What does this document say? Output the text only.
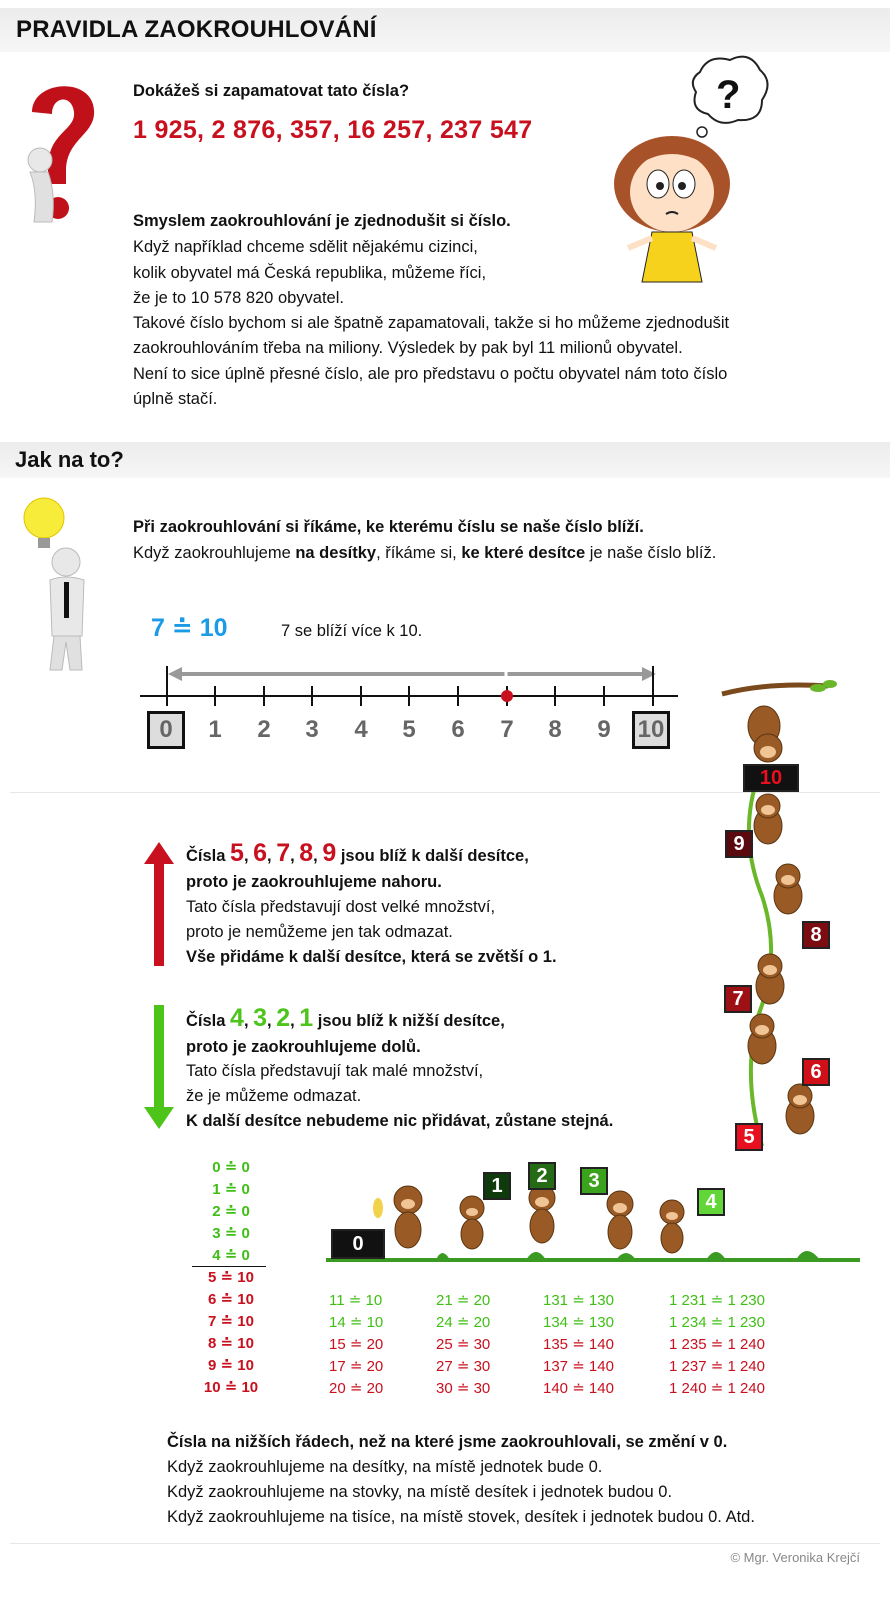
PRAVIDLA ZAOKROUHLOVÁNÍ
Dokážeš si zapamatovat tato čísla?
1 925, 2 876, 357, 16 257, 237 547
?
Smyslem zaokrouhlování je zjednodušit si číslo.
Když například chceme sdělit nějakému cizinci,
kolik obyvatel má Česká republika, můžeme říci,
že je to 10 578 820 obyvatel.
Takové číslo bychom si ale špatně zapamatovali, takže si ho můžeme zjednodušit
zaokrouhlováním třeba na miliony. Výsledek by pak byl 11 milionů obyvatel.
Není to sice úplně přesné číslo, ale pro představu o počtu obyvatel nám toto číslo
úplně stačí.
Jak na to?
Při zaokrouhlování si říkáme, ke kterému číslu se naše číslo blíží.
Když zaokrouhlujeme na desítky, říkáme si, ke které desítce je naše číslo blíž.
7 ≐ 10	7 se blíží více k 10.
0	1	2	3	4	5	6	7	8	9	10
Čísla 5, 6, 7, 8, 9 jsou blíž k další desítce,
proto je zaokrouhlujeme nahoru.
Tato čísla představují dost velké množství,
proto je nemůžeme jen tak odmazat.
Vše přidáme k další desítce, která se zvětší o 1.
Čísla 4, 3, 2, 1 jsou blíž k nižší desítce,
proto je zaokrouhlujeme dolů.
Tato čísla představují tak malé množství,
že je můžeme odmazat.
K další desítce nebudeme nic přidávat, zůstane stejná.
10
9
8
7
6
5
0 ≐ 0
1 ≐ 0
2 ≐ 0
3 ≐ 0
4 ≐ 0
5 ≐ 10
6 ≐ 10
7 ≐ 10
8 ≐ 10
9 ≐ 10
10 ≐ 10
0
1	2	3
4
11 ≐ 10
14 ≐ 10
15 ≐ 20
17 ≐ 20
20 ≐ 20
21 ≐ 20
24 ≐ 20
25 ≐ 30
27 ≐ 30
30 ≐ 30
131 ≐ 130
134 ≐ 130
135 ≐ 140
137 ≐ 140
140 ≐ 140
1 231 ≐ 1 230
1 234 ≐ 1 230
1 235 ≐ 1 240
1 237 ≐ 1 240
1 240 ≐ 1 240
Čísla na nižších řádech, než na které jsme zaokrouhlovali, se změní v 0.
Když zaokrouhlujeme na desítky, na místě jednotek bude 0.
Když zaokrouhlujeme na stovky, na místě desítek i jednotek budou 0.
Když zaokrouhlujeme na tisíce, na místě stovek, desítek i jednotek budou 0. Atd.
© Mgr. Veronika Krejčí
